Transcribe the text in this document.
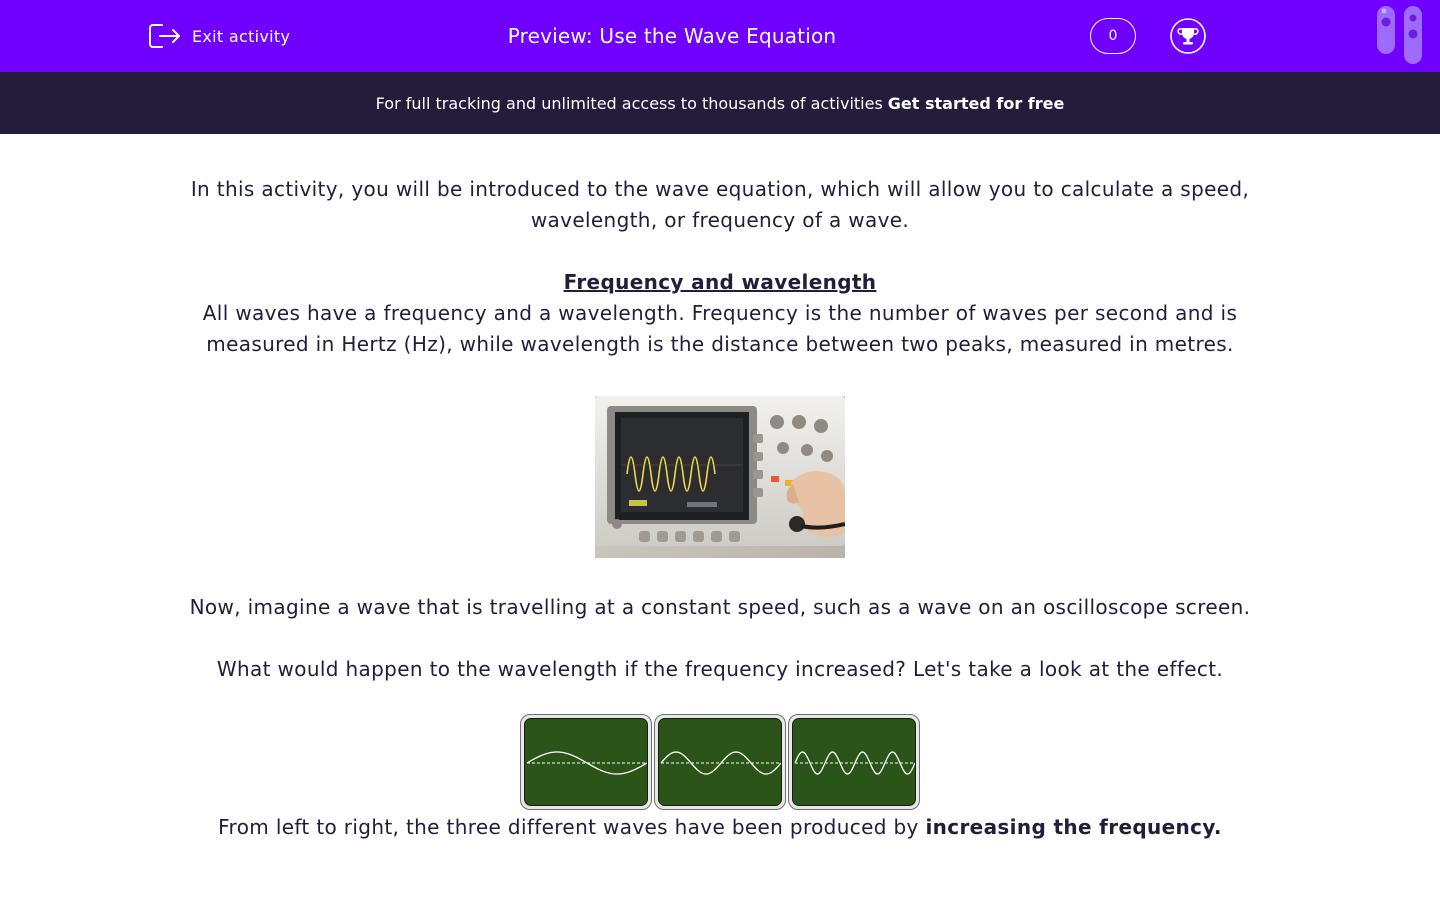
Exit activity	Preview: Use the Wave Equation	0
For full tracking and unlimited access to thousands of activities Get started for free

In this activity, you will be introduced to the wave equation, which will allow you to calculate a speed, wavelength, or frequency of a wave.

Frequency and wavelength

All waves have a frequency and a wavelength. Frequency is the number of waves per second and is measured in Hertz (Hz), while wavelength is the distance between two peaks, measured in metres.

Now, imagine a wave that is travelling at a constant speed, such as a wave on an oscilloscope screen.

What would happen to the wavelength if the frequency increased? Let's take a look at the effect.

From left to right, the three different waves have been produced by increasing the frequency.
